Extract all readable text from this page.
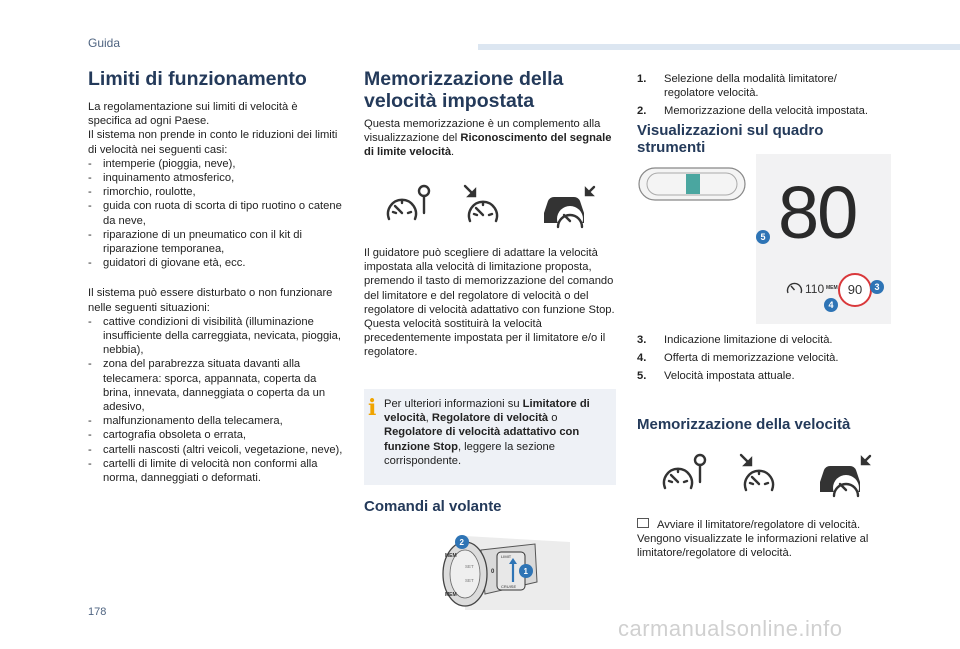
Guida
Limiti di funzionamento

La regolamentazione sui limiti di velocità è specifica ad ogni Paese.

Il sistema non prende in conto le riduzioni dei limiti di velocità nei seguenti casi:

- intemperie (pioggia, neve),
- inquinamento atmosferico,
- rimorchio, roulotte,
- guida con ruota di scorta di tipo ruotino o catene da neve,
- riparazione di un pneumatico con il kit di riparazione temporanea,
- guidatori di giovane età, ecc.

Il sistema può essere disturbato o non funzionare nelle seguenti situazioni:

- cattive condizioni di visibilità (illuminazione insufficiente della carreggiata, nevicata, pioggia, nebbia),
- zona del parabrezza situata davanti alla telecamera: sporca, appannata, coperta da brina, innevata, danneggiata o coperta da un adesivo,
- malfunzionamento della telecamera,
- cartografia obsoleta o errata,
- cartelli nascosti (altri veicoli, vegetazione, neve),
- cartelli di limite di velocità non conformi alla norma, danneggiati o deformati.
Memorizzazione della velocità impostata
Questa memorizzazione è un complemento alla visualizzazione del Riconoscimento del segnale di limite velocità.

Il guidatore può scegliere di adattare la velocità impostata alla velocità di limitazione proposta, premendo il tasto di memorizzazione del comando del limitatore e del regolatore di velocità o del regolatore di velocità adattativo con funzione Stop.

Questa velocità sostituirà la velocità precedentemente impostata per il limitatore e/o il regolatore.

i Per ulteriori informazioni su Limitatore di velocità, Regolatore di velocità o Regolatore di velocità adattativo con funzione Stop, leggere la sezione corrispondente.
Comandi al volante
MEM
SET
SET
MEM
LIMIT
0
CRUISE
2
1
1. Selezione della modalità limitatore/ regolatore velocità.
2. Memorizzazione della velocità impostata.
Visualizzazioni sul quadro strumenti
80
110 MEM 90
5
3
4
3. Indicazione limitazione di velocità.
4. Offerta di memorizzazione velocità.
5. Velocità impostata attuale.
Memorizzazione della velocità

Avviare il limitatore/regolatore di velocità.

Vengono visualizzate le informazioni relative al limitatore/regolatore di velocità.

178
carmanualsonline.info
